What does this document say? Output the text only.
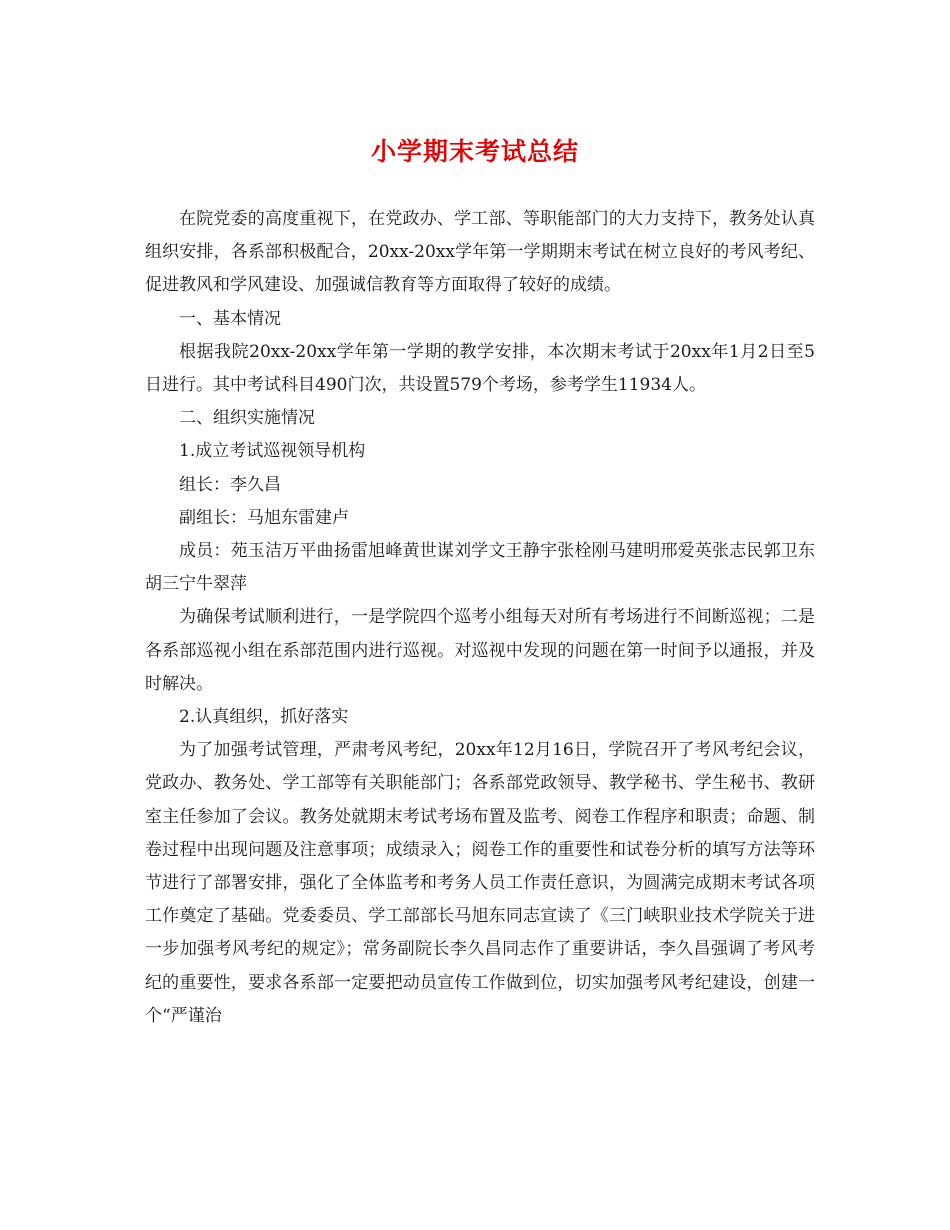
小学期末考试总结

在院党委的高度重视下，在党政办、学工部、等职能部门的大力支持下，教务处认真组织安排，各系部积极配合，20xx-20xx学年第一学期期末考试在树立良好的考风考纪、促进教风和学风建设、加强诚信教育等方面取得了较好的成绩。

一、基本情况

根据我院20xx-20xx学年第一学期的教学安排，本次期末考试于20xx年1月2日至5日进行。其中考试科目490门次，共设置579个考场，参考学生11934人。

二、组织实施情况

1.成立考试巡视领导机构

组长：李久昌

副组长：马旭东雷建卢

成员：苑玉洁万平曲扬雷旭峰黄世谋刘学文王静宇张栓刚马建明邢爱英张志民郭卫东胡三宁牛翠萍

为确保考试顺利进行，一是学院四个巡考小组每天对所有考场进行不间断巡视；二是各系部巡视小组在系部范围内进行巡视。对巡视中发现的问题在第一时间予以通报，并及时解决。

2.认真组织，抓好落实

为了加强考试管理，严肃考风考纪，20xx年12月16日，学院召开了考风考纪会议，党政办、教务处、学工部等有关职能部门；各系部党政领导、教学秘书、学生秘书、教研室主任参加了会议。教务处就期末考试考场布置及监考、阅卷工作程序和职责；命题、制卷过程中出现问题及注意事项；成绩录入；阅卷工作的重要性和试卷分析的填写方法等环节进行了部署安排，强化了全体监考和考务人员工作责任意识，为圆满完成期末考试各项工作奠定了基础。党委委员、学工部部长马旭东同志宣读了《三门峡职业技术学院关于进一步加强考风考纪的规定》；常务副院长李久昌同志作了重要讲话，李久昌强调了考风考纪的重要性，要求各系部一定要把动员宣传工作做到位，切实加强考风考纪建设，创建一个“严谨治
